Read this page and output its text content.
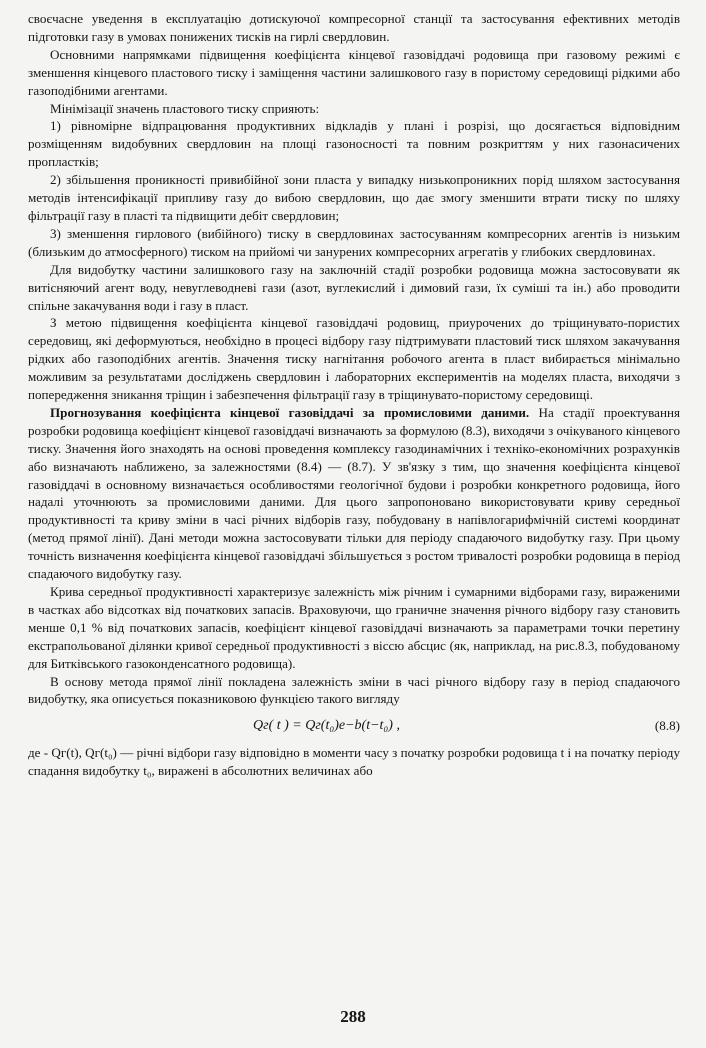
своєчасне уведення в експлуатацію дотискуючої компресорної станції та застосування ефективних методів підготовки газу в умовах понижених тисків на гирлі свердловин.

Основними напрямками підвищення коефіцієнта кінцевої газовіддачі родовища при газовому режимі є зменшення кінцевого пластового тиску і заміщення частини залишкового газу в пористому середовищі рідкими або газоподібними агентами.

Мінімізації значень пластового тиску сприяють:

1) рівномірне відпрацювання продуктивних відкладів у плані і розрізі, що досягається відповідним розміщенням видобувних свердловин на площі газоносності та повним розкриттям у них газонасичених пропластків;

2) збільшення проникності привибійної зони пласта у випадку низькопроникних порід шляхом застосування методів інтенсифікації припливу газу до вибою свердловин, що дає змогу зменшити втрати тиску по шляху фільтрації газу в пласті та підвищити дебіт свердловин;

3) зменшення гирлового (вибійного) тиску в свердловинах застосуванням компресорних агентів із низьким (близьким до атмосферного) тиском на прийомі чи занурених компресорних агрегатів у глибоких свердловинах.

Для видобутку частини залишкового газу на заключній стадії розробки родовища можна застосовувати як витісняючий агент воду, невуглеводневі гази (азот, вуглекислий і димовий гази, їх суміші та ін.) або проводити спільне закачування води і газу в пласт.

З метою підвищення коефіцієнта кінцевої газовіддачі родовищ, приурочених до тріщинувато-пористих середовищ, які деформуються, необхідно в процесі відбору газу підтримувати пластовий тиск шляхом закачування рідких або газоподібних агентів. Значення тиску нагнітання робочого агента в пласт вибирається мінімально можливим за результатами досліджень свердловин і лабораторних експериментів на моделях пласта, виходячи з попередження зникання тріщин і забезпечення фільтрації газу в тріщинувато-пористому середовищі.

Прогнозування коефіцієнта кінцевої газовіддачі за промисловими даними. На стадії проектування розробки родовища коефіцієнт кінцевої газовіддачі визначають за формулою (8.3), виходячи з очікуваного кінцевого тиску. Значення його знаходять на основі проведення комплексу газодинамічних і техніко-економічних розрахунків або визначають наближено, за залежностями (8.4) — (8.7). У зв'язку з тим, що значення коефіцієнта кінцевої газовіддачі в основному визначається особливостями геологічної будови і розробки конкретного родовища, його надалі уточнюють за промисловими даними. Для цього запропоновано використовувати криву середньої продуктивності та криву зміни в часі річних відборів газу, побудовану в напівлогарифмічній системі координат (метод прямої лінії). Дані методи можна застосовувати тільки для періоду спадаючого видобутку газу. При цьому точність визначення коефіцієнта кінцевої газовіддачі збільшується з ростом тривалості розробки родовища в період спадаючого видобутку газу.

Крива середньої продуктивності характеризує залежність між річним і сумарними відборами газу, вираженими в частках або відсотках від початкових запасів. Враховуючи, що граничне значення річного відбору газу становить менше 0,1 % від початкових запасів, коефіцієнт кінцевої газовіддачі визначають за параметрами точки перетину екстрапольованої ділянки кривої середньої продуктивності з віссю абсцис (як, наприклад, на рис.8.3, побудованому для Битківського газоконденсатного родовища).

В основу метода прямої лінії покладена залежність зміни в часі річного відбору газу в період спадаючого видобутку, яка описується показниковою функцією такого вигляду

Qг( t ) = Qг(t₀)e−b(t−t₀) ,	(8.8)

де - Qг(t), Qг(t₀) — річні відбори газу відповідно в моменти часу з початку розробки родовища t і на початку періоду спадання видобутку t₀, виражені в абсолютних величинах або

288
